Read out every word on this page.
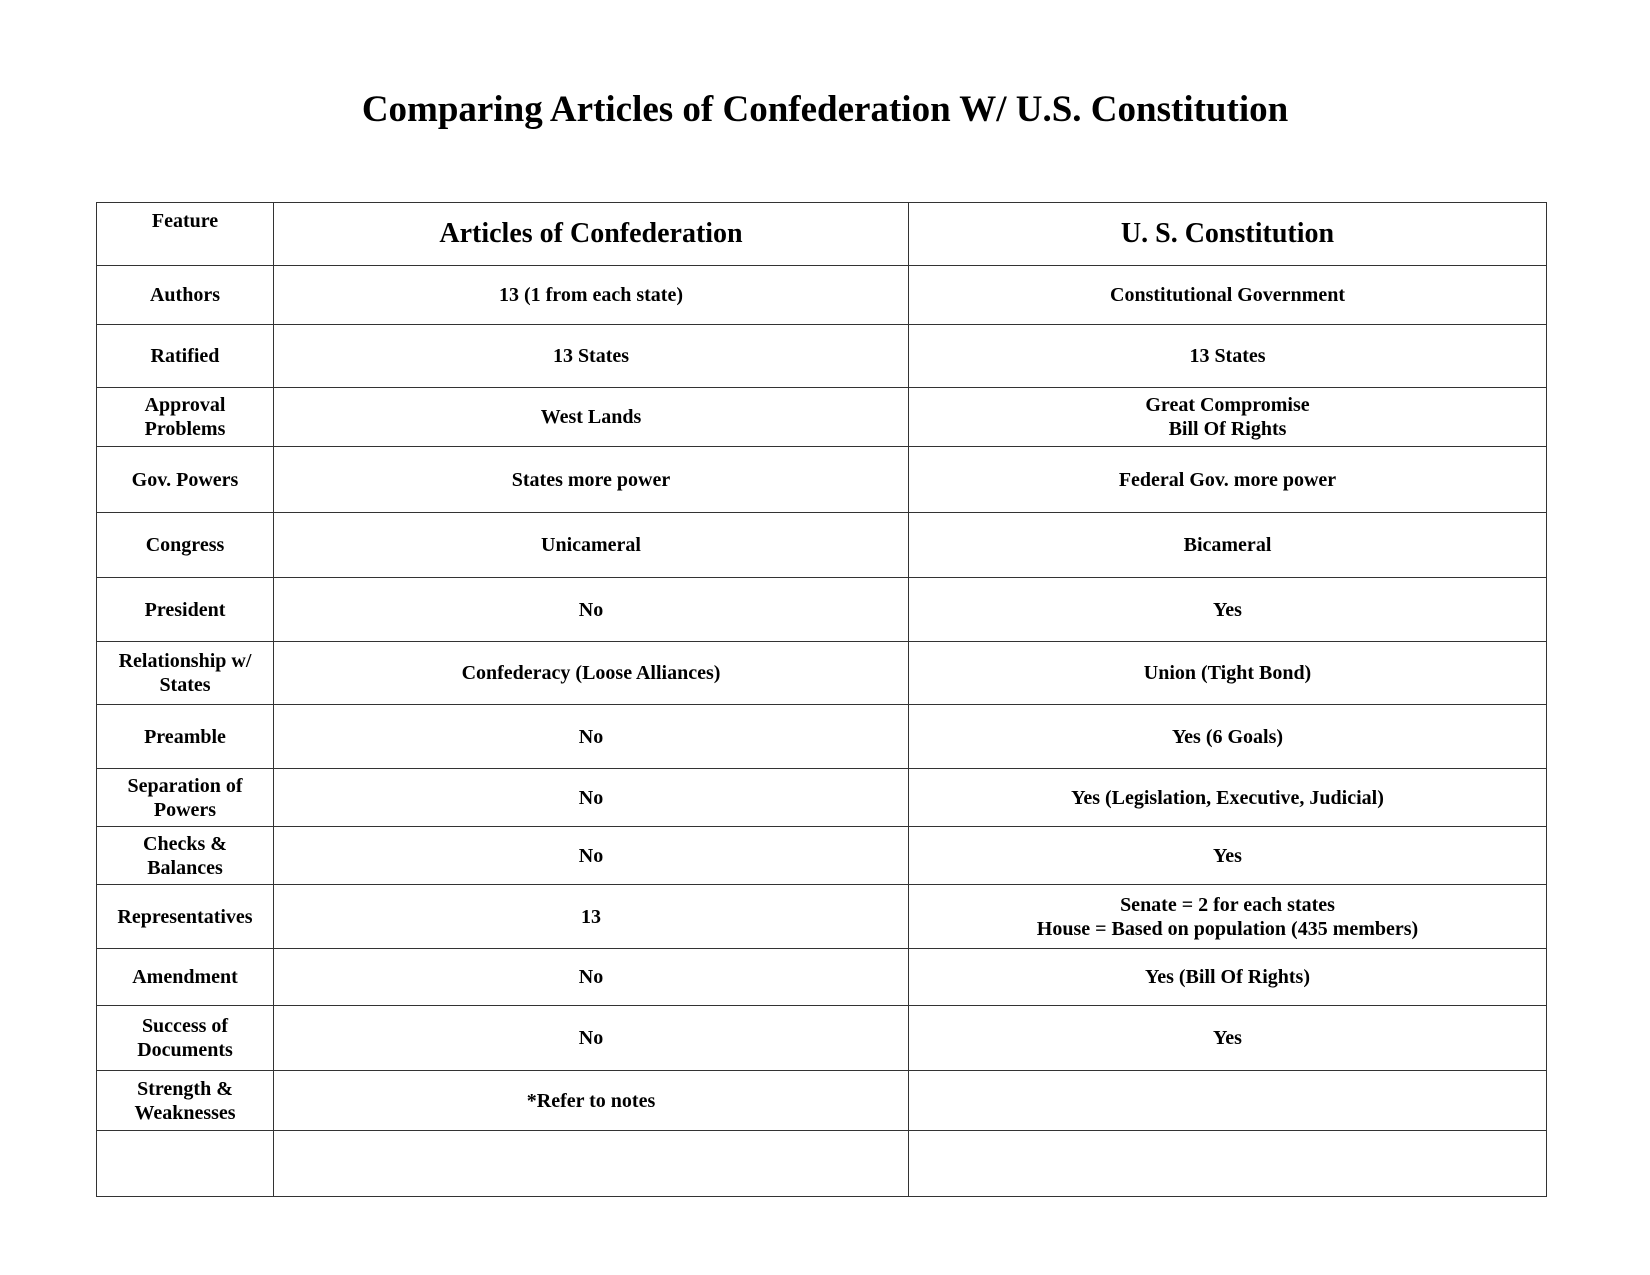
Comparing Articles of Confederation W/ U.S. Constitution
Feature	Articles of Confederation	U. S. Constitution
Authors	13 (1 from each state)	Constitutional Government
Ratified	13 States	13 States
Approval
Problems	West Lands	Great Compromise
Bill Of Rights
Gov. Powers	States more power	Federal Gov. more power
Congress	Unicameral	Bicameral
President	No	Yes
Relationship w/
States	Confederacy (Loose Alliances)	Union (Tight Bond)
Preamble	No	Yes (6 Goals)
Separation of
Powers	No	Yes (Legislation, Executive, Judicial)
Checks &
Balances	No	Yes
Representatives	13	Senate = 2 for each states
House = Based on population (435 members)
Amendment	No	Yes (Bill Of Rights)
Success of
Documents	No	Yes
Strength &
Weaknesses	*Refer to notes	
